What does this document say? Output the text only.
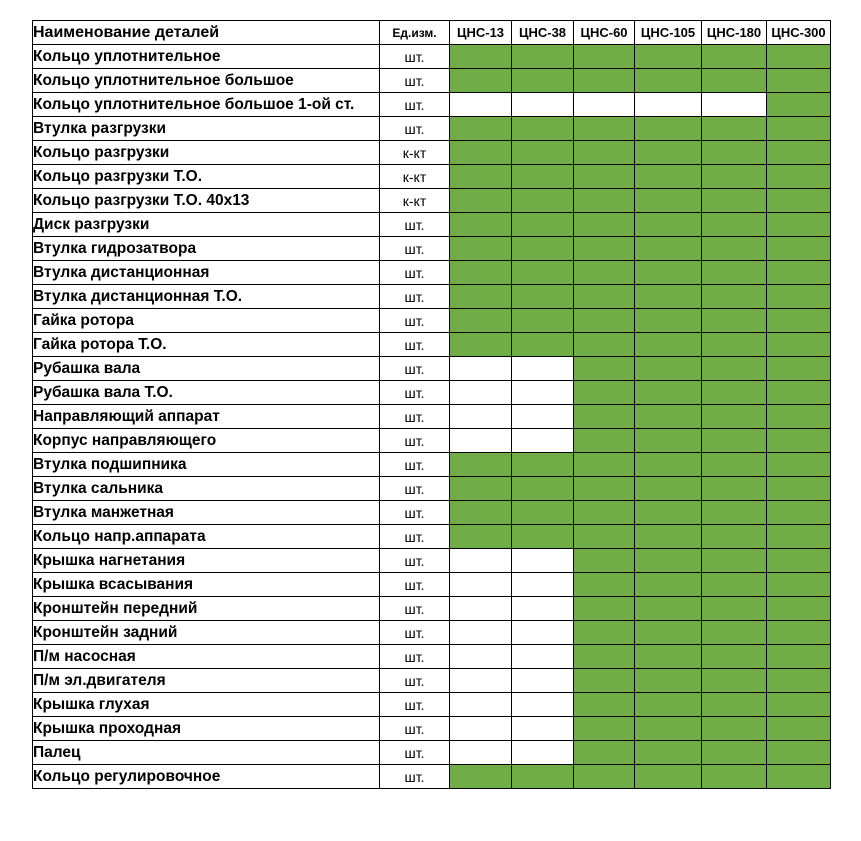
Наименование деталей	Ед.изм.	ЦНС-13	ЦНС-38	ЦНС-60	ЦНС-105	ЦНС-180	ЦНС-300
Кольцо уплотнительное	шт.						
Кольцо уплотнительное большое	шт.						
Кольцо уплотнительное большое 1-ой ст.	шт.						
Втулка разгрузки	шт.						
Кольцо разгрузки	к-кт						
Кольцо разгрузки Т.О.	к-кт						
Кольцо разгрузки Т.О. 40х13	к-кт						
Диск разгрузки	шт.						
Втулка гидрозатвора	шт.						
Втулка дистанционная	шт.						
Втулка дистанционная Т.О.	шт.						
Гайка ротора	шт.						
Гайка ротора Т.О.	шт.						
Рубашка вала	шт.						
Рубашка вала Т.О.	шт.						
Направляющий аппарат	шт.						
Корпус направляющего	шт.						
Втулка подшипника	шт.						
Втулка сальника	шт.						
Втулка манжетная	шт.						
Кольцо напр.аппарата	шт.						
Крышка нагнетания	шт.						
Крышка всасывания	шт.						
Кронштейн передний	шт.						
Кронштейн задний	шт.						
П/м насосная	шт.						
П/м эл.двигателя	шт.						
Крышка глухая	шт.						
Крышка проходная	шт.						
Палец	шт.						
Кольцо регулировочное	шт.						
